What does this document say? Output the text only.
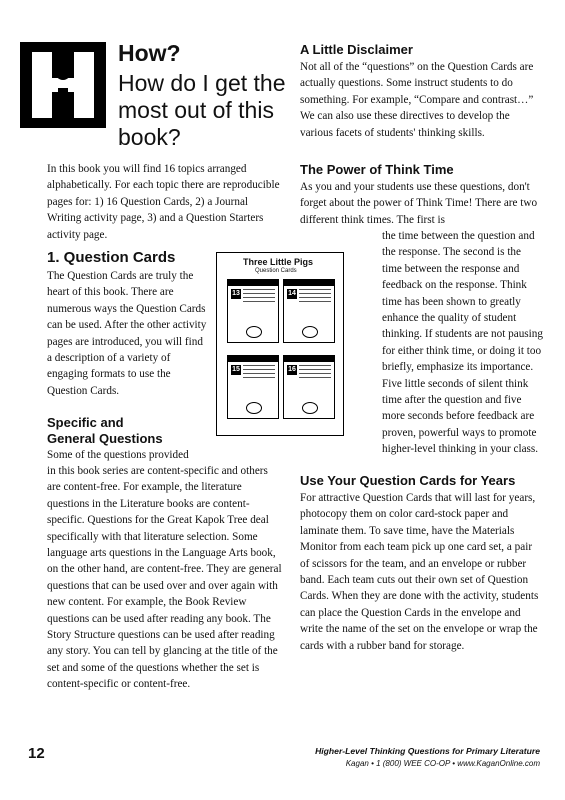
How?
How do I get the most out of this book?

In this book you will find 16 topics arranged alphabetically. For each topic there are reproducible pages for: 1) 16 Question Cards, 2) a Journal Writing activity page, 3) and a Question Starters activity page.

1. Question Cards

The Question Cards are truly the heart of this book. There are numerous ways the Question Cards can be used. After the other activity pages are introduced, you will find a description of a variety of engaging formats to use the Question Cards.

Three Little Pigs
Question Cards
13	14
15	16
Specific and
General Questions

Some of the questions provided

in this book series are content-specific and others are content-free. For example, the literature questions in the Literature books are content-specific. Questions for the Great Kapok Tree deal specifically with that literature selection. Some language arts questions in the Language Arts book, on the other hand, are content-free. They are general questions that can be used over and over again with new content. For example, the Book Review questions can be used after reading any book. The Story Structure questions can be used after reading any story. You can tell by glancing at the title of the set and some of the questions whether the set is content-specific or content-free.

A Little Disclaimer

Not all of the “questions” on the Question Cards are actually questions. Some instruct students to do something. For example, “Compare and contrast…” We can also use these directives to develop the various facets of students' thinking skills.

The Power of Think Time

As you and your students use these questions, don't forget about the power of Think Time! There are two different think times. The first is

the time between the question and the response. The second is the time between the response and feedback on the response. Think time has been shown to greatly enhance the quality of student thinking. If students are not pausing for either think time, or doing it too briefly, emphasize its importance. Five little seconds of silent think time after the question and five more seconds before feedback are proven, powerful ways to promote higher-level thinking in your class.

Use Your Question Cards for Years

For attractive Question Cards that will last for years, photocopy them on color card-stock paper and laminate them. To save time, have the Materials Monitor from each team pick up one card set, a pair of scissors for the team, and an envelope or rubber band. Each team cuts out their own set of Question Cards. When they are done with the activity, students can place the Question Cards in the envelope and write the name of the set on the envelope or wrap the cards with a rubber band for storage.

12	Higher-Level Thinking Questions for Primary Literature
Kagan • 1 (800) WEE CO-OP • www.KaganOnline.com
